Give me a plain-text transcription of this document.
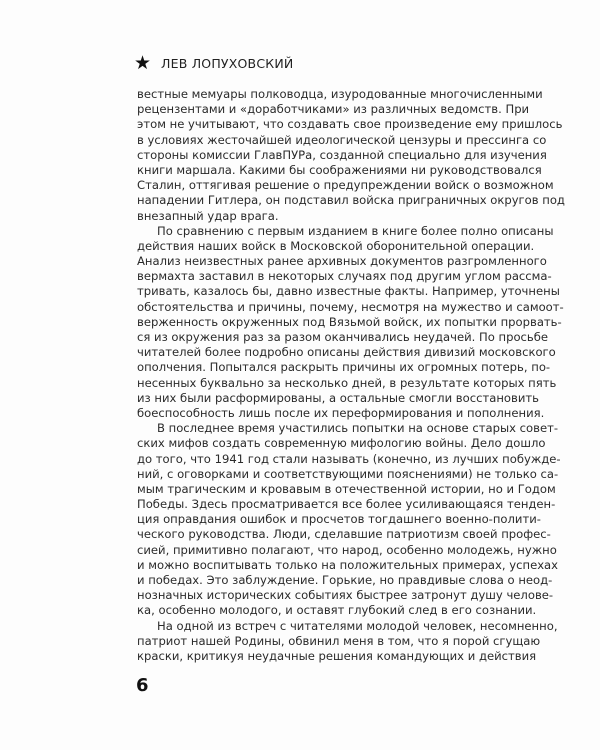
★ ЛЕВ ЛОПУХОВСКИЙ
вестные мемуары полководца, изуродованные многочисленными
рецензентами и «доработчиками» из различных ведомств. При
этом не учитывают, что создавать свое произведение ему пришлось
в условиях жесточайшей идеологической цензуры и прессинга со
стороны комиссии ГлавПУРа, созданной специально для изучения
книги маршала. Какими бы соображениями ни руководствовался
Сталин, оттягивая решение о предупреждении войск о возможном
нападении Гитлера, он подставил войска приграничных округов под
внезапный удар врага.
По сравнению с первым изданием в книге более полно описаны
действия наших войск в Московской оборонительной операции.
Анализ неизвестных ранее архивных документов разгромленного
вермахта заставил в некоторых случаях под другим углом рассма-
тривать, казалось бы, давно известные факты. Например, уточнены
обстоятельства и причины, почему, несмотря на мужество и самоот-
верженность окруженных под Вязьмой войск, их попытки прорвать-
ся из окружения раз за разом оканчивались неудачей. По просьбе
читателей более подробно описаны действия дивизий московского
ополчения. Попытался раскрыть причины их огромных потерь, по-
несенных буквально за несколько дней, в результате которых пять
из них были расформированы, а остальные смогли восстановить
боеспособность лишь после их переформирования и пополнения.
В последнее время участились попытки на основе старых совет-
ских мифов создать современную мифологию войны. Дело дошло
до того, что 1941 год стали называть (конечно, из лучших побужде-
ний, с оговорками и соответствующими пояснениями) не только са-
мым трагическим и кровавым в отечественной истории, но и Годом
Победы. Здесь просматривается все более усиливающаяся тенден-
ция оправдания ошибок и просчетов тогдашнего военно-полити-
ческого руководства. Люди, сделавшие патриотизм своей профес-
сией, примитивно полагают, что народ, особенно молодежь, нужно
и можно воспитывать только на положительных примерах, успехах
и победах. Это заблуждение. Горькие, но правдивые слова о неод-
нозначных исторических событиях быстрее затронут душу челове-
ка, особенно молодого, и оставят глубокий след в его сознании.
На одной из встреч с читателями молодой человек, несомненно,
патриот нашей Родины, обвинил меня в том, что я порой сгущаю
краски, критикуя неудачные решения командующих и действия
6
